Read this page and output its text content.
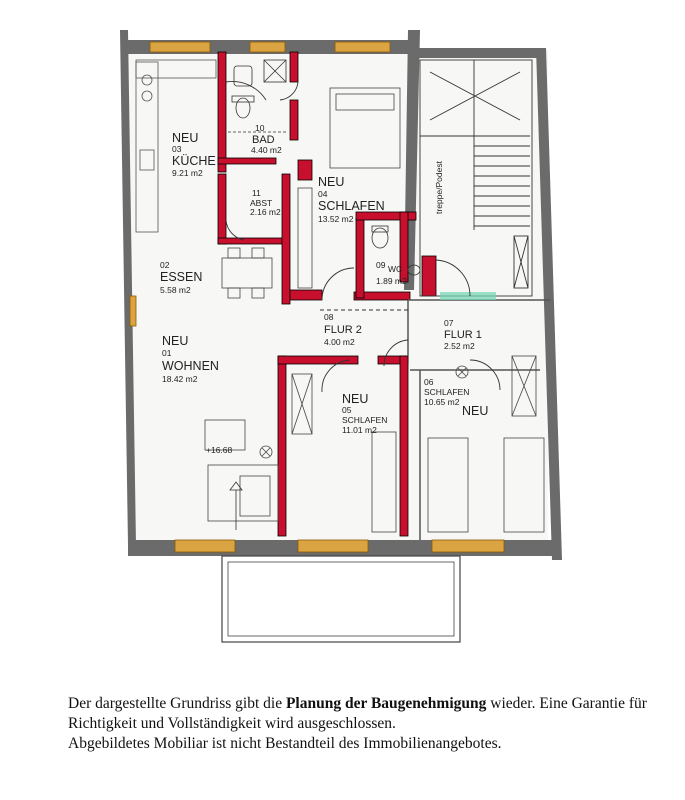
NEU
03
KÜCHE
9.21 m2
10
BAD
4.40 m2
11
ABST
2.16 m2
NEU
04
SCHLAFEN
13.52 m2
02
ESSEN
5.58 m2
09 WC
1.89 m2
08
FLUR 2
4.00 m2
07
FLUR 1
2.52 m2
NEU
01
WOHNEN
18.42 m2
NEU
05
SCHLAFEN
11.01 m2
06
SCHLAFEN
10.65 m2
NEU
treppe/Podest
+16.68
Der dargestellte Grundriss gibt die Planung der Baugenehmigung wieder. Eine Garantie für Richtigkeit und Vollständigkeit wird ausgeschlossen.
Abgebildetes Mobiliar ist nicht Bestandteil des Immobilienangebotes.
